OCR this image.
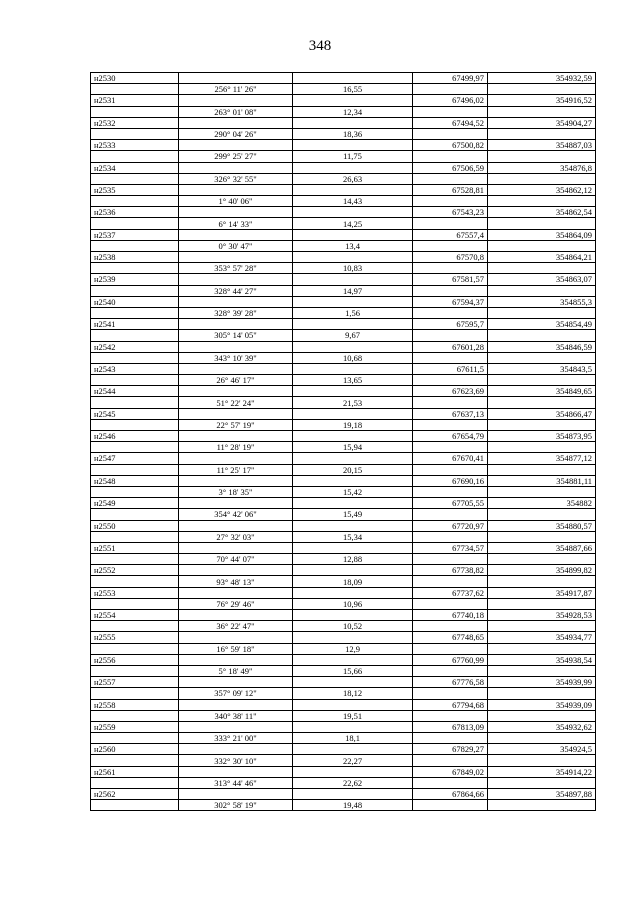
348
н2530			67499,97	354932,59
	256° 11' 26"	16,55		
н2531			67496,02	354916,52
	263° 01' 08"	12,34		
н2532			67494,52	354904,27
	290° 04' 26"	18,36		
н2533			67500,82	354887,03
	299° 25' 27"	11,75		
н2534			67506,59	354876,8
	326° 32' 55"	26,63		
н2535			67528,81	354862,12
	1° 40' 06"	14,43		
н2536			67543,23	354862,54
	6° 14' 33"	14,25		
н2537			67557,4	354864,09
	0° 30' 47"	13,4		
н2538			67570,8	354864,21
	353° 57' 28"	10,83		
н2539			67581,57	354863,07
	328° 44' 27"	14,97		
н2540			67594,37	354855,3
	328° 39' 28"	1,56		
н2541			67595,7	354854,49
	305° 14' 05"	9,67		
н2542			67601,28	354846,59
	343° 10' 39"	10,68		
н2543			67611,5	354843,5
	26° 46' 17"	13,65		
н2544			67623,69	354849,65
	51° 22' 24"	21,53		
н2545			67637,13	354866,47
	22° 57' 19"	19,18		
н2546			67654,79	354873,95
	11° 28' 19"	15,94		
н2547			67670,41	354877,12
	11° 25' 17"	20,15		
н2548			67690,16	354881,11
	3° 18' 35"	15,42		
н2549			67705,55	354882
	354° 42' 06"	15,49		
н2550			67720,97	354880,57
	27° 32' 03"	15,34		
н2551			67734,57	354887,66
	70° 44' 07"	12,88		
н2552			67738,82	354899,82
	93° 48' 13"	18,09		
н2553			67737,62	354917,87
	76° 29' 46"	10,96		
н2554			67740,18	354928,53
	36° 22' 47"	10,52		
н2555			67748,65	354934,77
	16° 59' 18"	12,9		
н2556			67760,99	354938,54
	5° 18' 49"	15,66		
н2557			67776,58	354939,99
	357° 09' 12"	18,12		
н2558			67794,68	354939,09
	340° 38' 11"	19,51		
н2559			67813,09	354932,62
	333° 21' 00"	18,1		
н2560			67829,27	354924,5
	332° 30' 10"	22,27		
н2561			67849,02	354914,22
	313° 44' 46"	22,62		
н2562			67864,66	354897,88
	302° 58' 19"	19,48		
